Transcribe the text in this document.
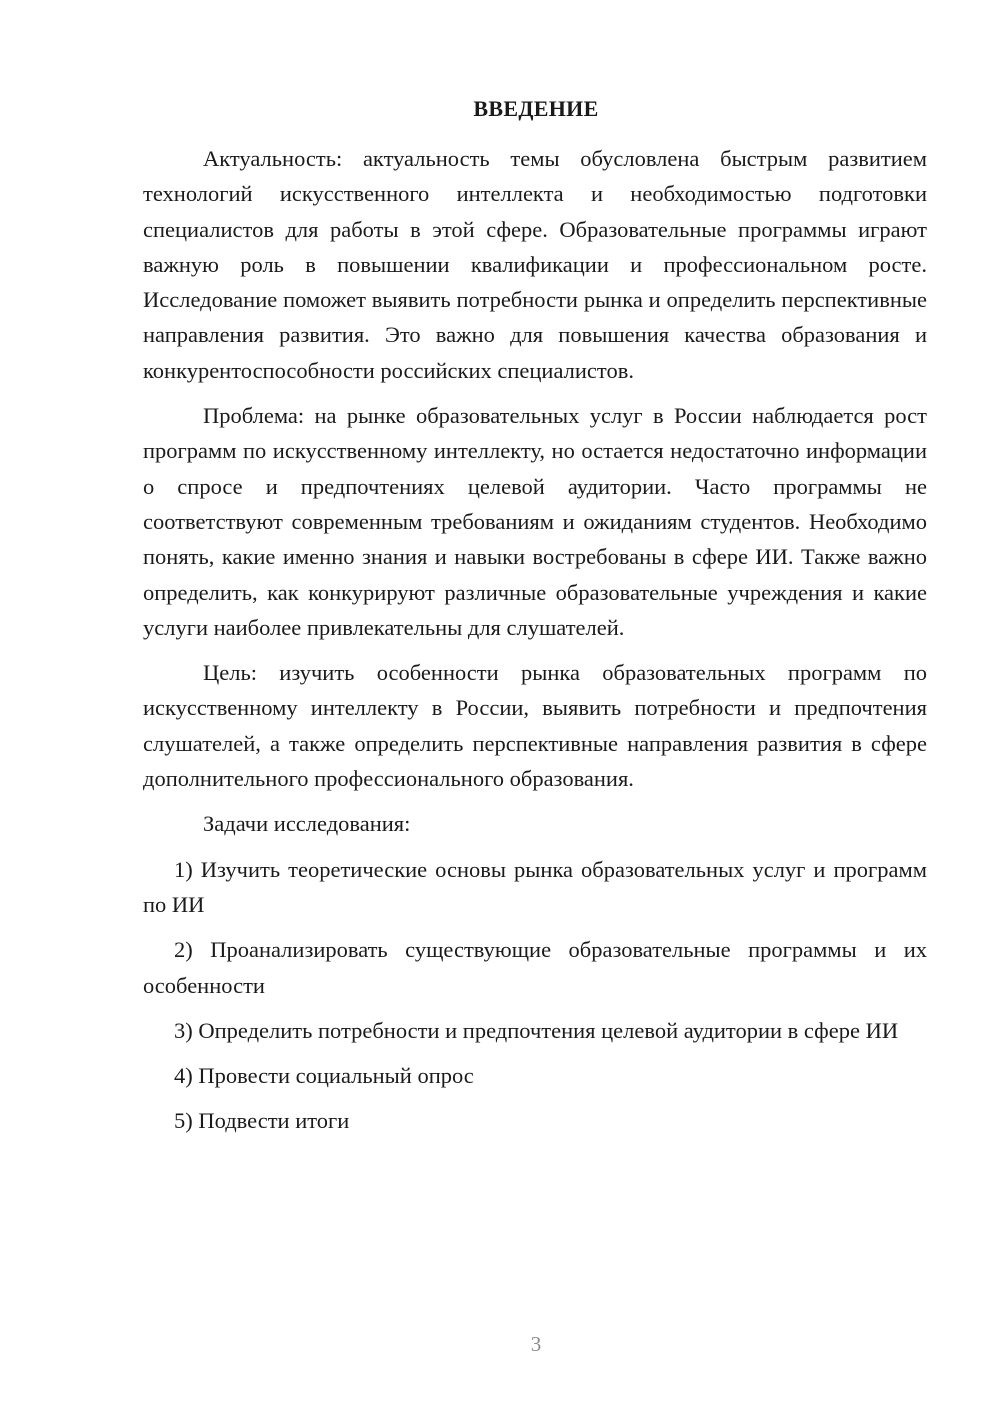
ВВЕДЕНИЕ

Актуальность: актуальность темы обусловлена быстрым развитием технологий искусственного интеллекта и необходимостью подготовки специалистов для работы в этой сфере. Образовательные программы играют важную роль в повышении квалификации и профессиональном росте. Исследование поможет выявить потребности рынка и определить перспективные направления развития. Это важно для повышения качества образования и конкурентоспособности российских специалистов.

Проблема: на рынке образовательных услуг в России наблюдается рост программ по искусственному интеллекту, но остается недостаточно информации о спросе и предпочтениях целевой аудитории. Часто программы не соответствуют современным требованиям и ожиданиям студентов. Необходимо понять, какие именно знания и навыки востребованы в сфере ИИ. Также важно определить, как конкурируют различные образовательные учреждения и какие услуги наиболее привлекательны для слушателей.

Цель: изучить особенности рынка образовательных программ по искусственному интеллекту в России, выявить потребности и предпочтения слушателей, а также определить перспективные направления развития в сфере дополнительного профессионального образования.

Задачи исследования:

1) Изучить теоретические основы рынка образовательных услуг и программ по ИИ

2) Проанализировать существующие образовательные программы и их особенности

3) Определить потребности и предпочтения целевой аудитории в сфере ИИ

4) Провести социальный опрос

5) Подвести итоги

3
